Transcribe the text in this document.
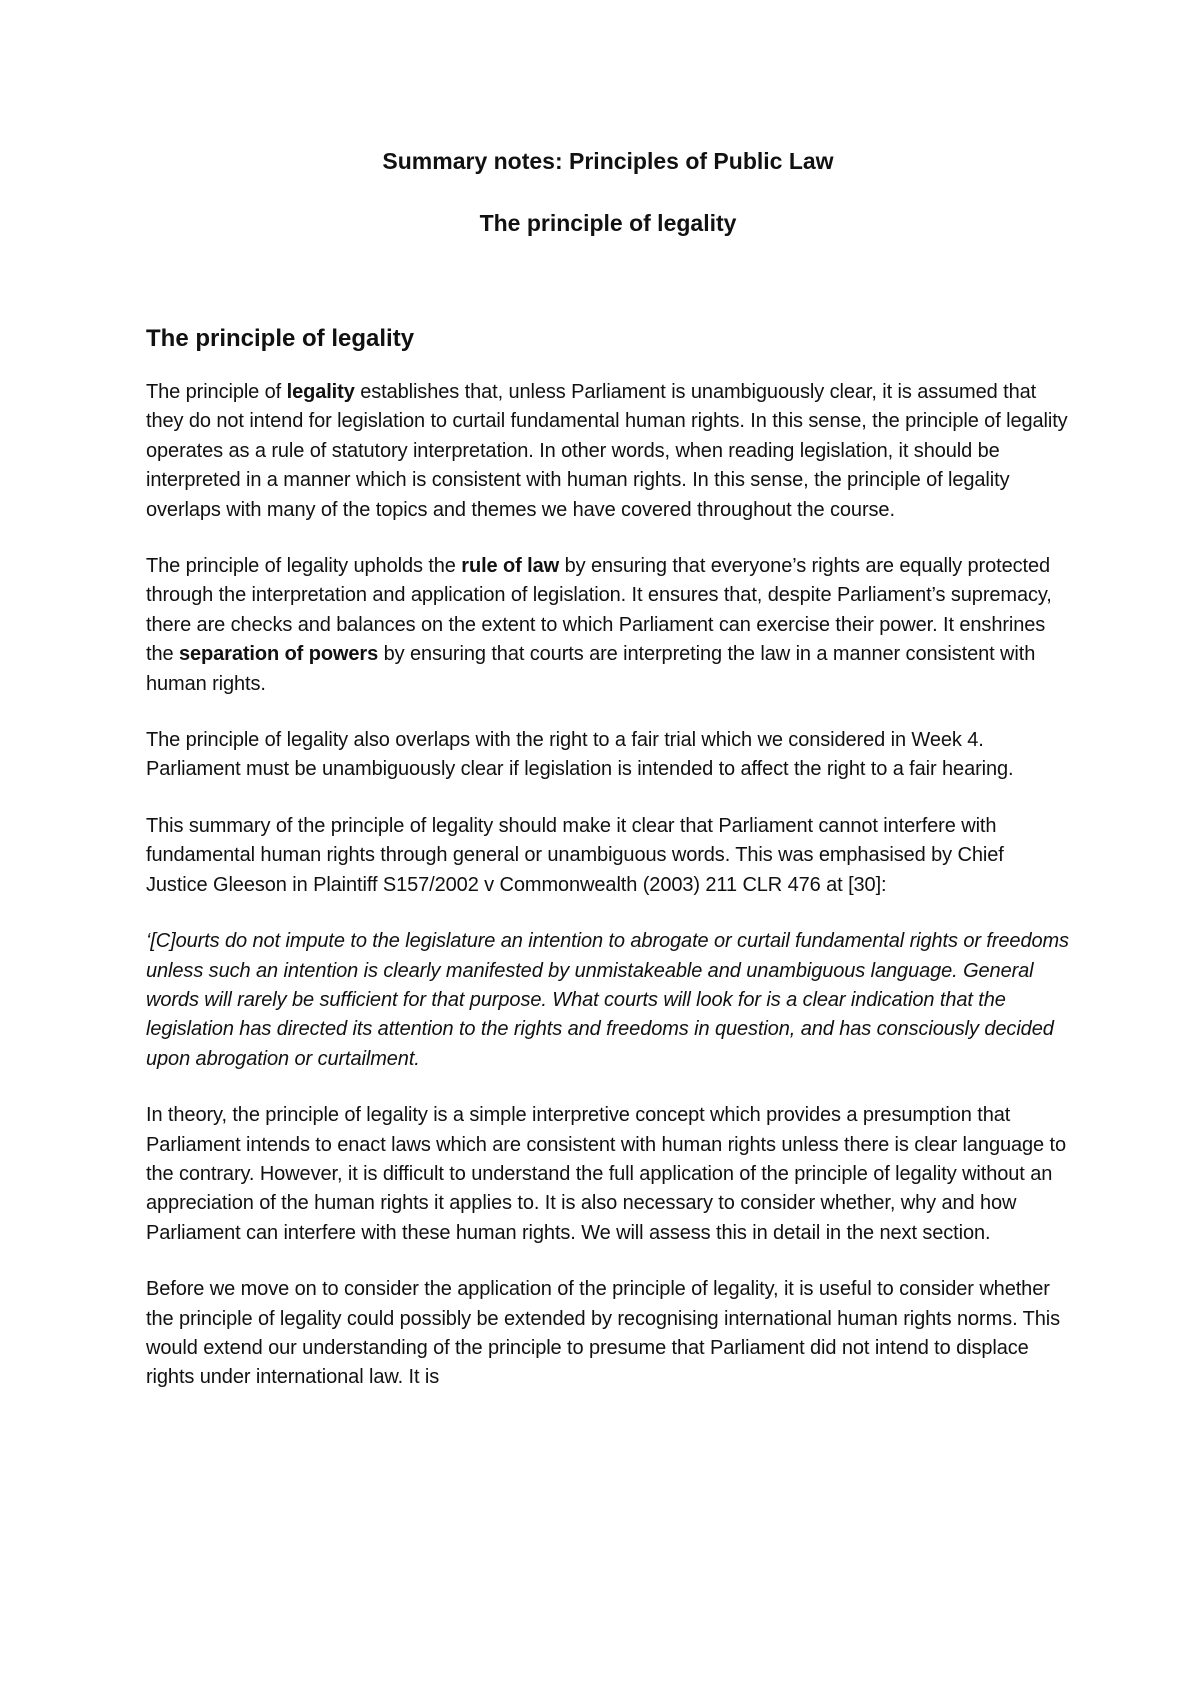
Summary notes: Principles of Public Law
The principle of legality
The principle of legality

The principle of legality establishes that, unless Parliament is unambiguously clear, it is assumed that they do not intend for legislation to curtail fundamental human rights. In this sense, the principle of legality operates as a rule of statutory interpretation. In other words, when reading legislation, it should be interpreted in a manner which is consistent with human rights. In this sense, the principle of legality overlaps with many of the topics and themes we have covered throughout the course.

The principle of legality upholds the rule of law by ensuring that everyone’s rights are equally protected through the interpretation and application of legislation. It ensures that, despite Parliament’s supremacy, there are checks and balances on the extent to which Parliament can exercise their power. It enshrines the separation of powers by ensuring that courts are interpreting the law in a manner consistent with human rights.

The principle of legality also overlaps with the right to a fair trial which we considered in Week 4. Parliament must be unambiguously clear if legislation is intended to affect the right to a fair hearing.

This summary of the principle of legality should make it clear that Parliament cannot interfere with fundamental human rights through general or unambiguous words. This was emphasised by Chief Justice Gleeson in Plaintiff S157/2002 v Commonwealth (2003) 211 CLR 476 at [30]:

‘[C]ourts do not impute to the legislature an intention to abrogate or curtail fundamental rights or freedoms unless such an intention is clearly manifested by unmistakeable and unambiguous language. General words will rarely be sufficient for that purpose. What courts will look for is a clear indication that the legislation has directed its attention to the rights and freedoms in question, and has consciously decided upon abrogation or curtailment.

In theory, the principle of legality is a simple interpretive concept which provides a presumption that Parliament intends to enact laws which are consistent with human rights unless there is clear language to the contrary. However, it is difficult to understand the full application of the principle of legality without an appreciation of the human rights it applies to. It is also necessary to consider whether, why and how Parliament can interfere with these human rights. We will assess this in detail in the next section.

Before we move on to consider the application of the principle of legality, it is useful to consider whether the principle of legality could possibly be extended by recognising international human rights norms. This would extend our understanding of the principle to presume that Parliament did not intend to displace rights under international law. It is
